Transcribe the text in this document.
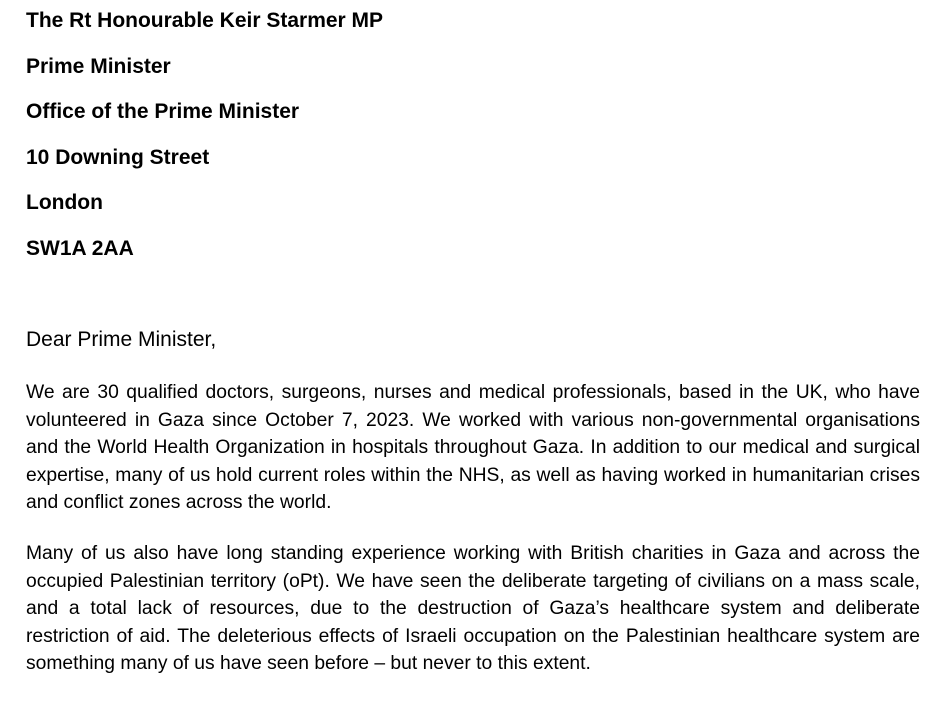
The Rt Honourable Keir Starmer MP
Prime Minister
Office of the Prime Minister
10 Downing Street
London
SW1A 2AA

Dear Prime Minister,

We are 30 qualified doctors, surgeons, nurses and medical professionals, based in the UK, who have volunteered in Gaza since October 7, 2023. We worked with various non-governmental organisations and the World Health Organization in hospitals throughout Gaza. In addition to our medical and surgical expertise, many of us hold current roles within the NHS, as well as having worked in humanitarian crises and conflict zones across the world.

Many of us also have long standing experience working with British charities in Gaza and across the occupied Palestinian territory (oPt). We have seen the deliberate targeting of civilians on a mass scale, and a total lack of resources, due to the destruction of Gaza’s healthcare system and deliberate restriction of aid. The deleterious effects of Israeli occupation on the Palestinian healthcare system are something many of us have seen before – but never to this extent.
